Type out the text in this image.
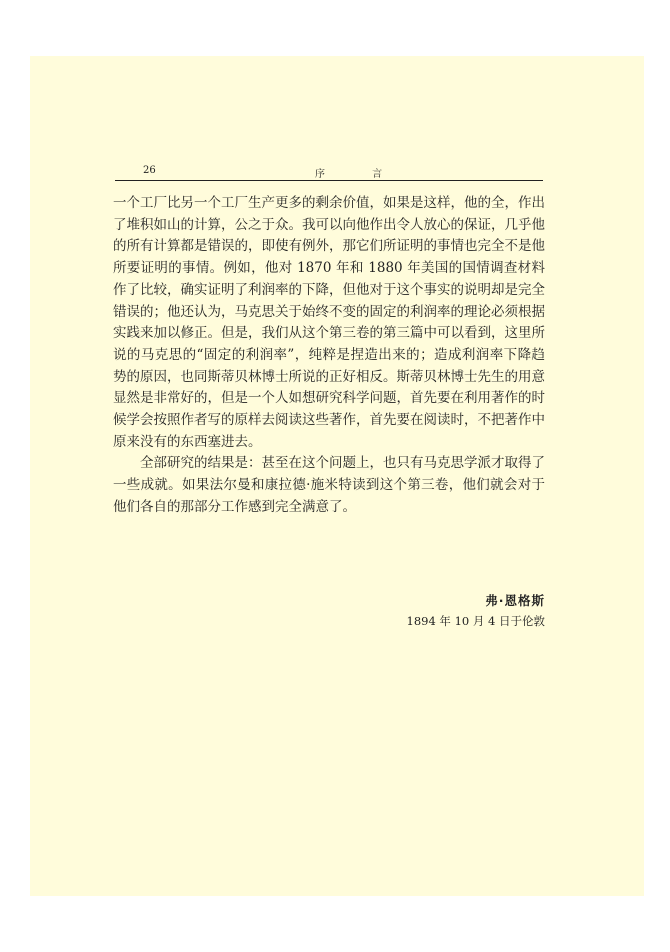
26	序 言

一个工厂比另一个工厂生产更多的剩余价值，如果是这样，他的全，作出了堆积如山的计算，公之于众。我可以向他作出令人放心的保证，几乎他的所有计算都是错误的，即使有例外，那它们所证明的事情也完全不是他所要证明的事情。例如，他对 1870 年和 1880 年美国的国情调查材料作了比较，确实证明了利润率的下降，但他对于这个事实的说明却是完全错误的；他还认为，马克思关于始终不变的固定的利润率的理论必须根据实践来加以修正。但是，我们从这个第三卷的第三篇中可以看到，这里所说的马克思的“固定的利润率”，纯粹是捏造出来的；造成利润率下降趋势的原因，也同斯蒂贝林博士所说的正好相反。斯蒂贝林博士先生的用意显然是非常好的，但是一个人如想研究科学问题，首先要在利用著作的时候学会按照作者写的原样去阅读这些著作，首先要在阅读时，不把著作中原来没有的东西塞进去。

全部研究的结果是：甚至在这个问题上，也只有马克思学派才取得了一些成就。如果法尔曼和康拉德·施米特读到这个第三卷，他们就会对于他们各自的那部分工作感到完全满意了。

弗·恩格斯
1894 年 10 月 4 日于伦敦
